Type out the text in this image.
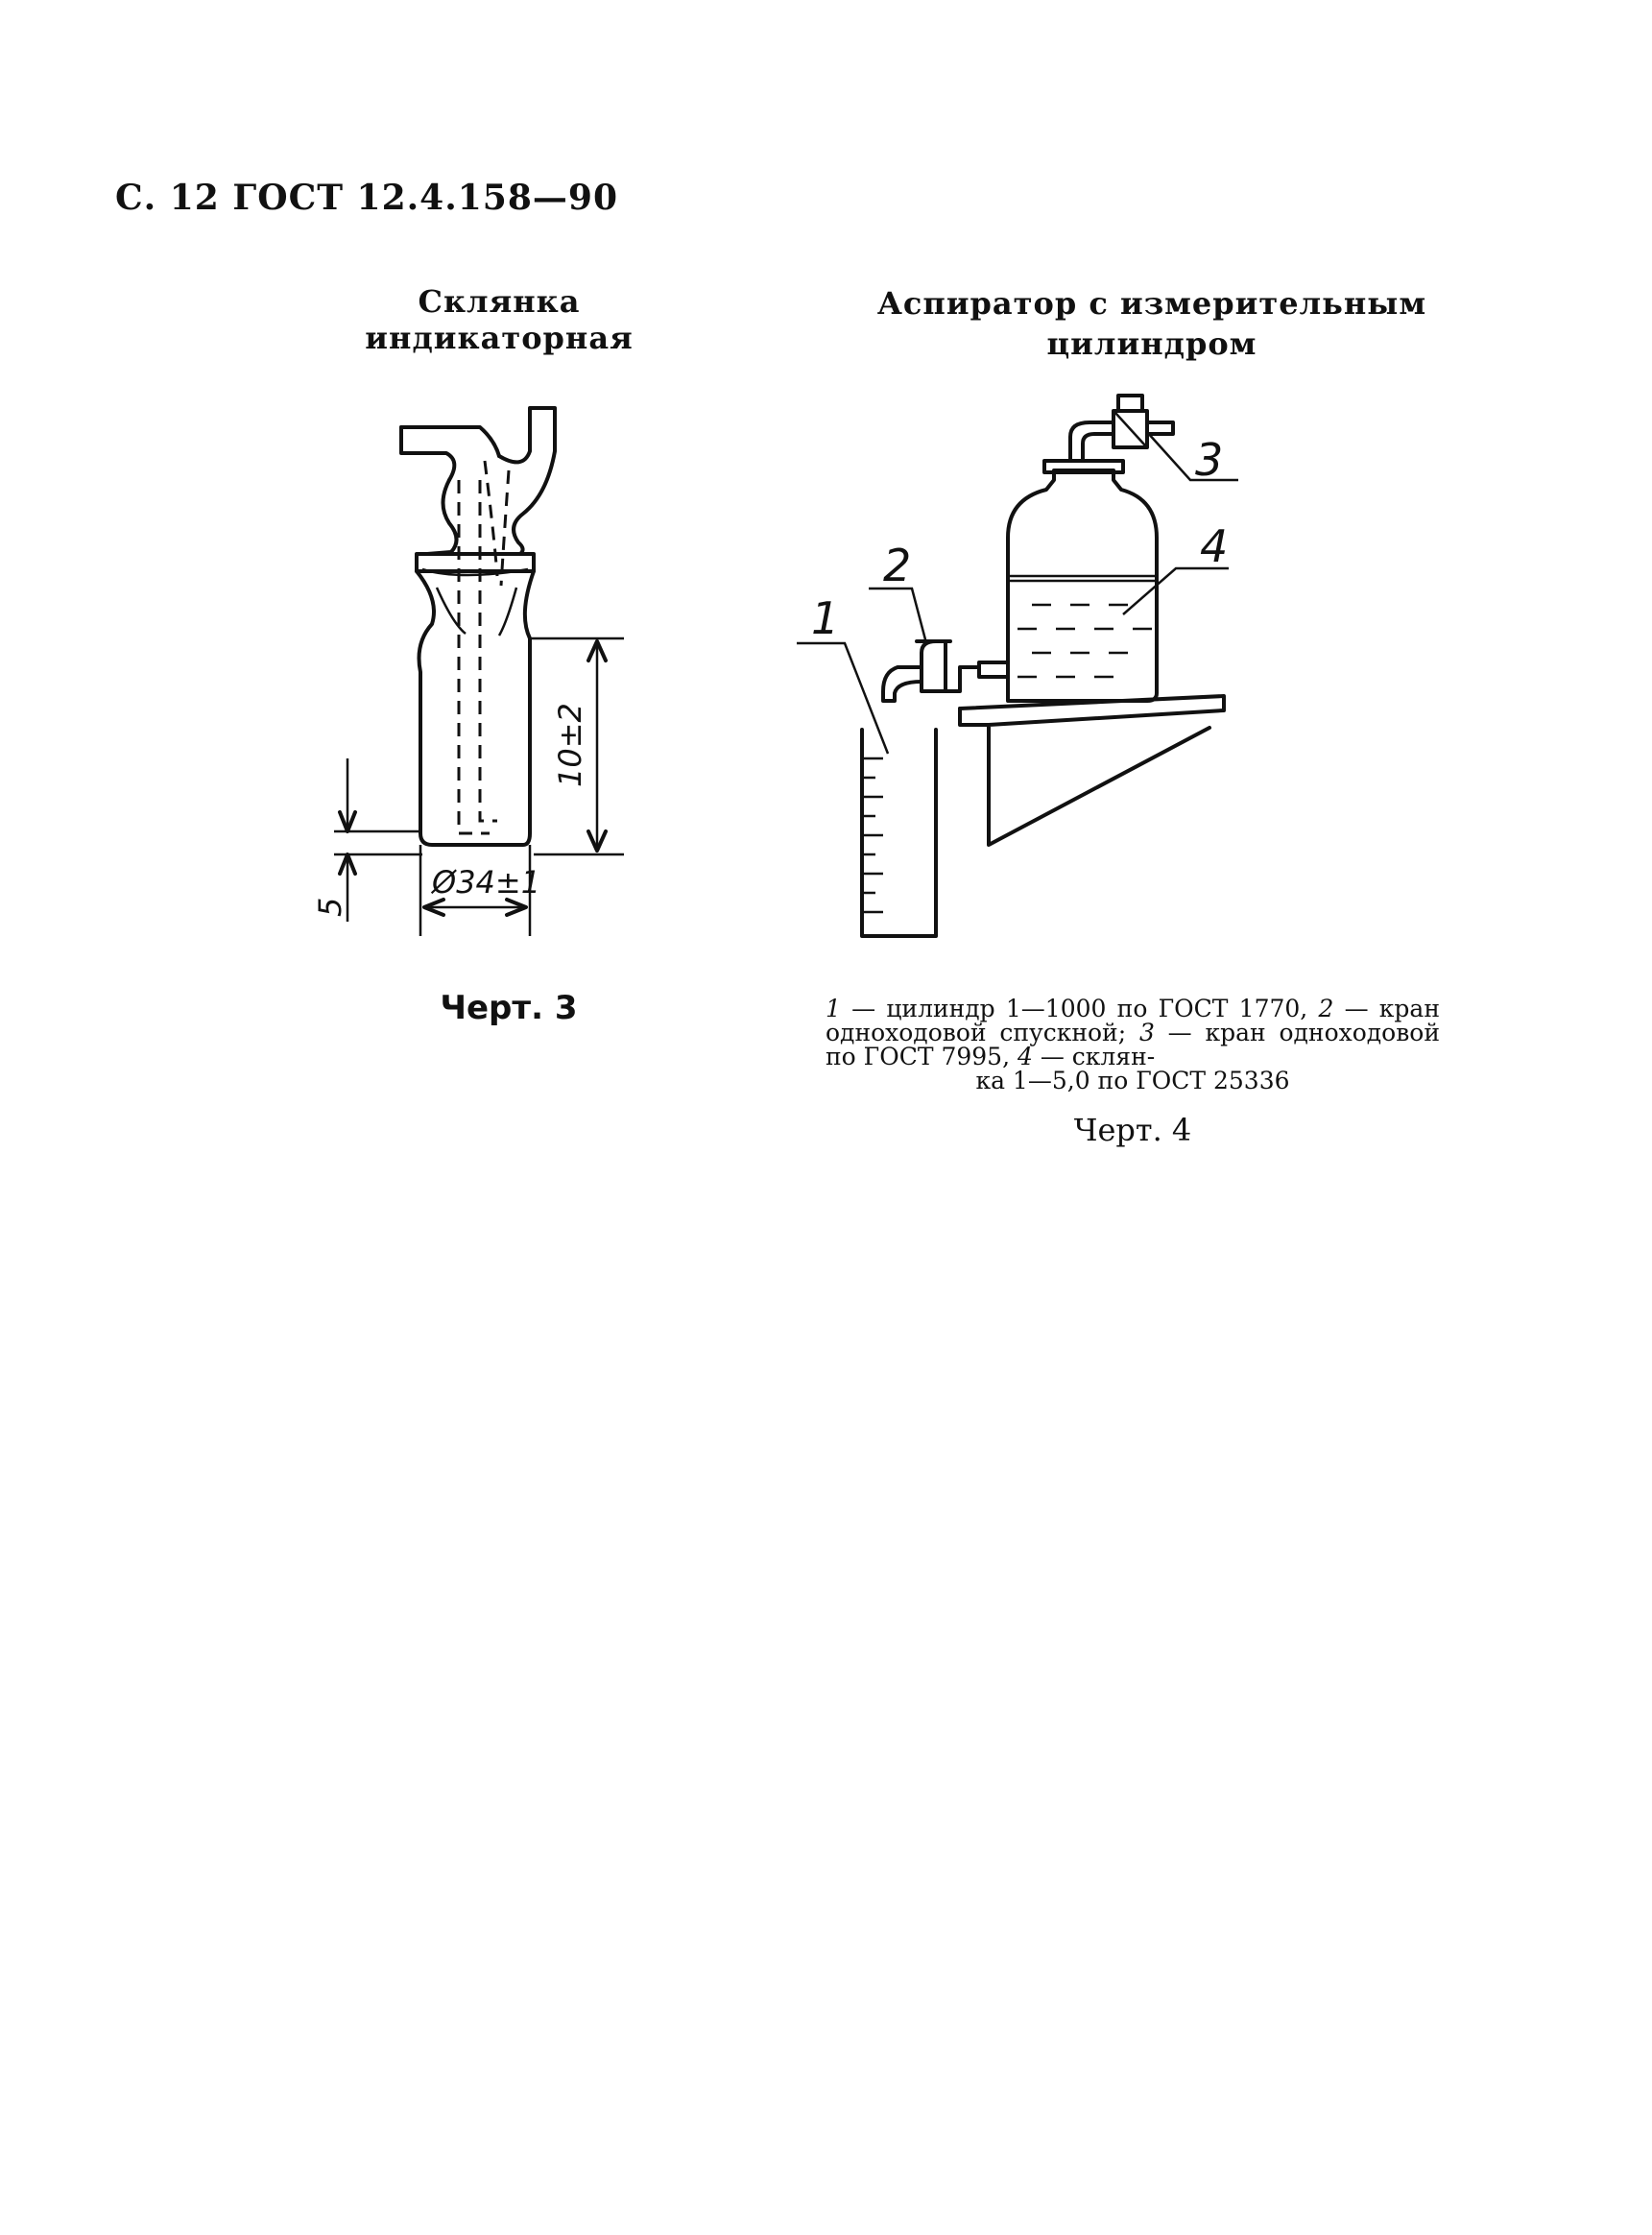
С. 12 ГОСТ 12.4.158—90
Склянка индикаторная
Аспиратор с измерительным
цилиндром
10±2
5
Ø34±1
1
2
3
4
Черт. 3	1 — цилиндр 1—1000 по ГОСТ 1770, 2 — кран одноходовой спускной; 3 — кран одноходовой по ГОСТ 7995, 4 — склян-
ка 1—5,0 по ГОСТ 25336
Черт. 4
